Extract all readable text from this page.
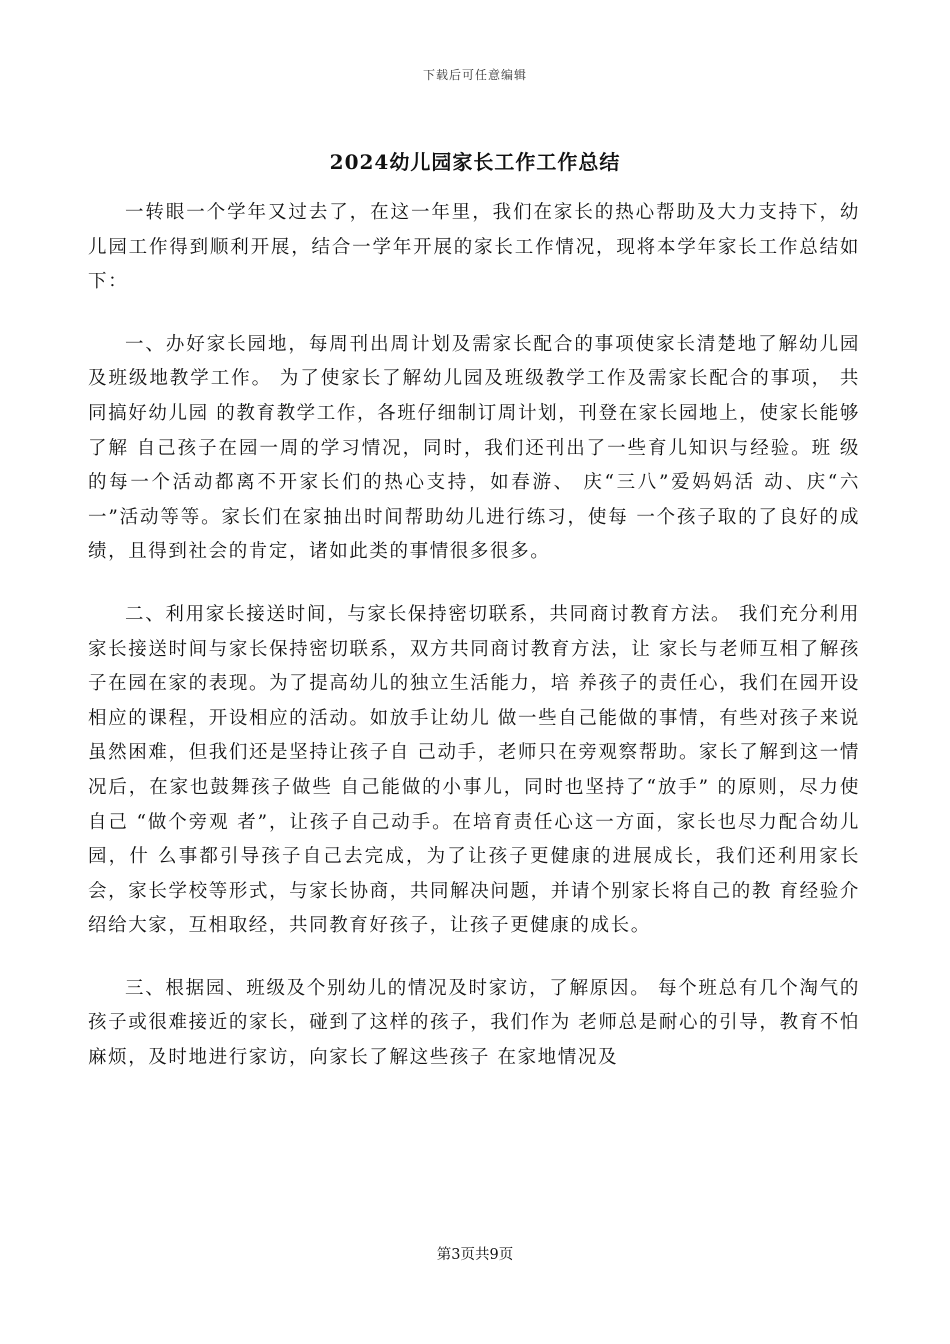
下载后可任意编辑
2024幼儿园家长工作工作总结

一转眼一个学年又过去了，在这一年里，我们在家长的热心帮助及大力支持下，幼儿园工作得到顺利开展，结合一学年开展的家长工作情况，现将本学年家长工作总结如下：

一、办好家长园地，每周刊出周计划及需家长配合的事项使家长清楚地了解幼儿园及班级地教学工作。 为了使家长了解幼儿园及班级教学工作及需家长配合的事项， 共同搞好幼儿园 的教育教学工作，各班仔细制订周计划，刊登在家长园地上，使家长能够了解 自己孩子在园一周的学习情况，同时，我们还刊出了一些育儿知识与经验。班 级的每一个活动都离不开家长们的热心支持，如春游、 庆“三八”爱妈妈活 动、庆“六一”活动等等。家长们在家抽出时间帮助幼儿进行练习，使每 一个孩子取的了良好的成绩，且得到社会的肯定，诸如此类的事情很多很多。

二、利用家长接送时间，与家长保持密切联系，共同商讨教育方法。 我们充分利用家长接送时间与家长保持密切联系，双方共同商讨教育方法，让 家长与老师互相了解孩子在园在家的表现。为了提高幼儿的独立生活能力，培 养孩子的责任心，我们在园开设相应的课程，开设相应的活动。如放手让幼儿 做一些自己能做的事情，有些对孩子来说虽然困难，但我们还是坚持让孩子自 己动手，老师只在旁观察帮助。家长了解到这一情况后，在家也鼓舞孩子做些 自己能做的小事儿，同时也坚持了“放手” 的原则，尽力使自己 “做个旁观 者”，让孩子自己动手。在培育责任心这一方面，家长也尽力配合幼儿园，什 么事都引导孩子自己去完成，为了让孩子更健康的进展成长，我们还利用家长会，家长学校等形式，与家长协商，共同解决问题，并请个别家长将自己的教 育经验介绍给大家，互相取经，共同教育好孩子，让孩子更健康的成长。

三、根据园、班级及个别幼儿的情况及时家访，了解原因。 每个班总有几个淘气的孩子或很难接近的家长，碰到了这样的孩子，我们作为 老师总是耐心的引导，教育不怕麻烦，及时地进行家访，向家长了解这些孩子 在家地情况及

第3页共9页
